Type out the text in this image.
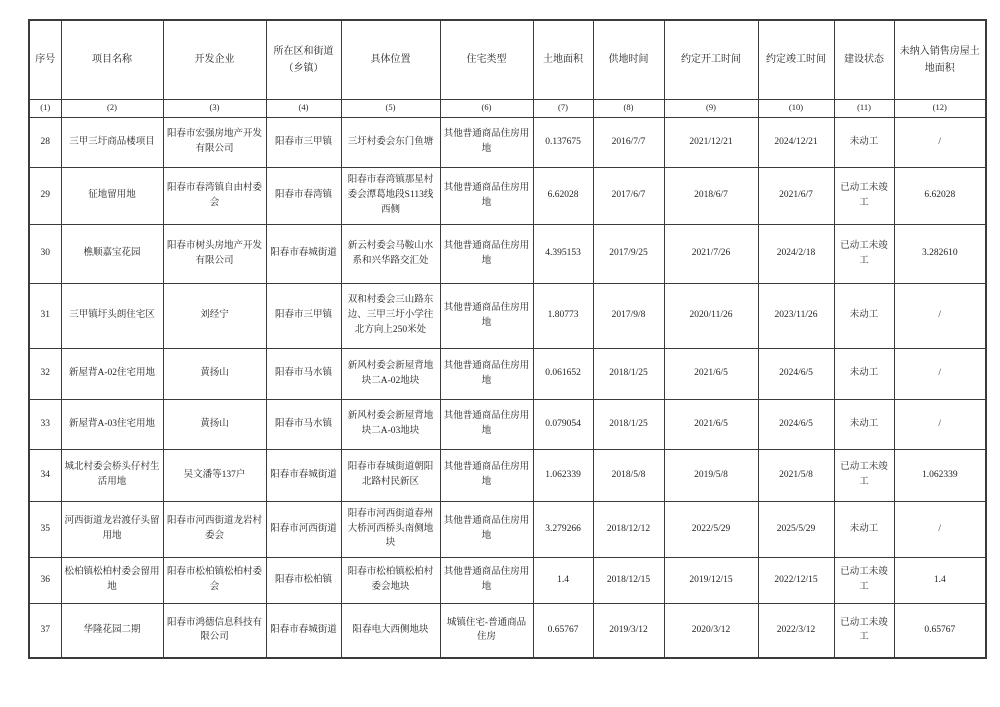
序号	项目名称	开发企业	所在区和街道（乡镇）	具体位置	住宅类型	土地面积	供地时间	约定开工时间	约定竣工时间	建设状态	未纳入销售房屋土地面积
(1)	(2)	(3)	(4)	(5)	(6)	(7)	(8)	(9)	(10)	(11)	(12)
28	三甲三圩商品楼项目	阳春市宏强房地产开发有限公司	阳春市三甲镇	三圩村委会东门鱼塘	其他普通商品住房用地	0.137675	2016/7/7	2021/12/21	2024/12/21	未动工	/
29	征地留用地	阳春市春湾镇自由村委会	阳春市春湾镇	阳春市春湾镇那星村委会潭葛地段S113线西侧	其他普通商品住房用地	6.62028	2017/6/7	2018/6/7	2021/6/7	已动工未竣工	6.62028
30	樵顺嘉宝花园	阳春市树头房地产开发有限公司	阳春市春城街道	新云村委会马鞍山水系和兴华路交汇处	其他普通商品住房用地	4.395153	2017/9/25	2021/7/26	2024/2/18	已动工未竣工	3.282610
31	三甲镇圩头朗住宅区	刘经宁	阳春市三甲镇	双和村委会三山路东边、三甲三圩小学往北方向上250米处	其他普通商品住房用地	1.80773	2017/9/8	2020/11/26	2023/11/26	未动工	/
32	新屋背A-02住宅用地	黄扬山	阳春市马水镇	新风村委会新屋背地块二A-02地块	其他普通商品住房用地	0.061652	2018/1/25	2021/6/5	2024/6/5	未动工	/
33	新屋背A-03住宅用地	黄扬山	阳春市马水镇	新风村委会新屋背地块二A-03地块	其他普通商品住房用地	0.079054	2018/1/25	2021/6/5	2024/6/5	未动工	/
34	城北村委会桥头仔村生活用地	吴文潘等137户	阳春市春城街道	阳春市春城街道朝阳北路村民新区	其他普通商品住房用地	1.062339	2018/5/8	2019/5/8	2021/5/8	已动工未竣工	1.062339
35	河西街道龙岩渡仔头留用地	阳春市河西街道龙岩村委会	阳春市河西街道	阳春市河西街道春州大桥河西桥头南侧地块	其他普通商品住房用地	3.279266	2018/12/12	2022/5/29	2025/5/29	未动工	/
36	松柏镇松柏村委会留用地	阳春市松柏镇松柏村委会	阳春市松柏镇	阳春市松柏镇松柏村委会地块	其他普通商品住房用地	1.4	2018/12/15	2019/12/15	2022/12/15	已动工未竣工	1.4
37	华隆花园二期	阳春市鸿德信息科技有限公司	阳春市春城街道	阳春电大西侧地块	城镇住宅-普通商品住房	0.65767	2019/3/12	2020/3/12	2022/3/12	已动工未竣工	0.65767
